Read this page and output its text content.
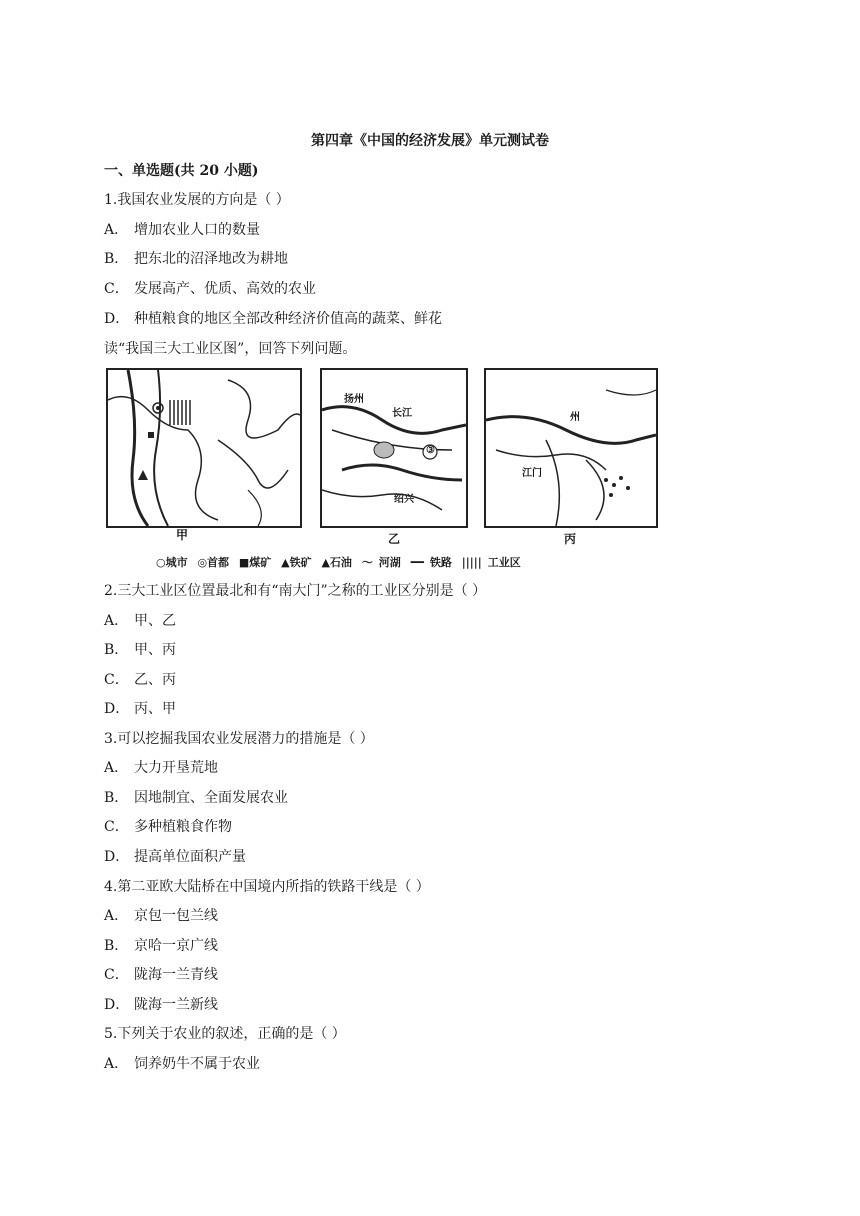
第四章《中国的经济发展》单元测试卷
一、单选题(共 20 小题)
1.我国农业发展的方向是（ ）
A． 增加农业人口的数量
B． 把东北的沼泽地改为耕地
C． 发展高产、优质、高效的农业
D． 种植粮食的地区全部改种经济价值高的蔬菜、鲜花
读“我国三大工业区图”，回答下列问题。
甲
扬州
长江
③
绍兴
乙
州
江门
丙
○城市 ◎首都 ■煤矿 ▲铁矿 ▲石油 ～ 河湖 ━━ 铁路 ||||| 工业区
2.三大工业区位置最北和有“南大门”之称的工业区分别是（ ）
A． 甲、乙
B． 甲、丙
C． 乙、丙
D． 丙、甲
3.可以挖掘我国农业发展潜力的措施是（ ）
A． 大力开垦荒地
B． 因地制宜、全面发展农业
C． 多种植粮食作物
D． 提高单位面积产量
4.第二亚欧大陆桥在中国境内所指的铁路干线是（ ）
A． 京包一包兰线
B． 京哈一京广线
C． 陇海一兰青线
D． 陇海一兰新线
5.下列关于农业的叙述，正确的是（ ）
A． 饲养奶牛不属于农业
